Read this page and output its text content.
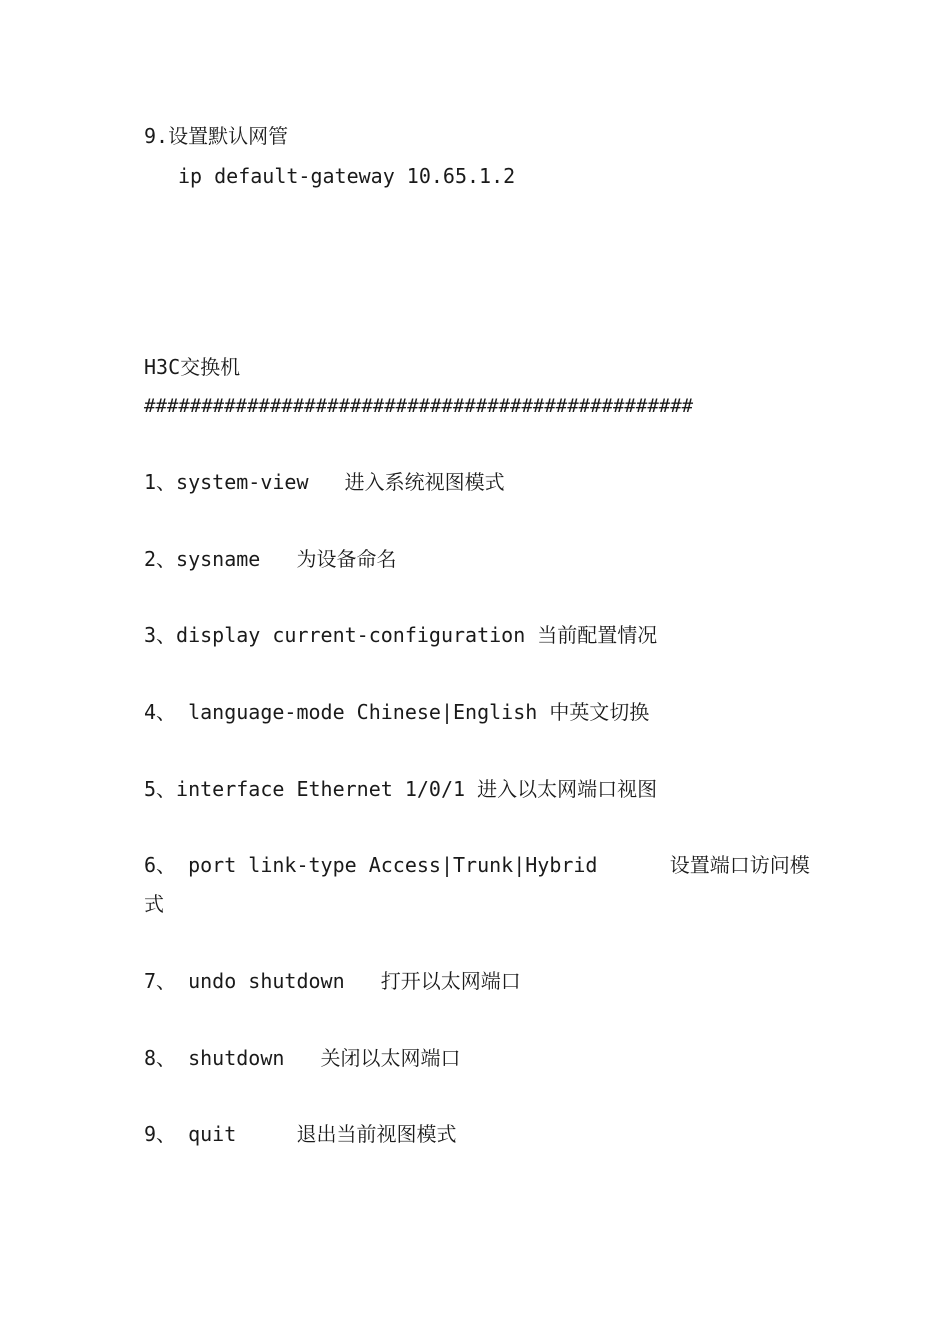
9.设置默认网管
ip default-gateway 10.65.1.2
H3C交换机
################################################
1、system-view   进入系统视图模式
2、sysname   为设备命名
3、display current-configuration 当前配置情况
4、 language-mode Chinese|English 中英文切换
5、interface Ethernet 1/0/1 进入以太网端口视图
6、 port link-type Access|Trunk|Hybrid      设置端口访问模
式
7、 undo shutdown   打开以太网端口
8、 shutdown   关闭以太网端口
9、 quit     退出当前视图模式
